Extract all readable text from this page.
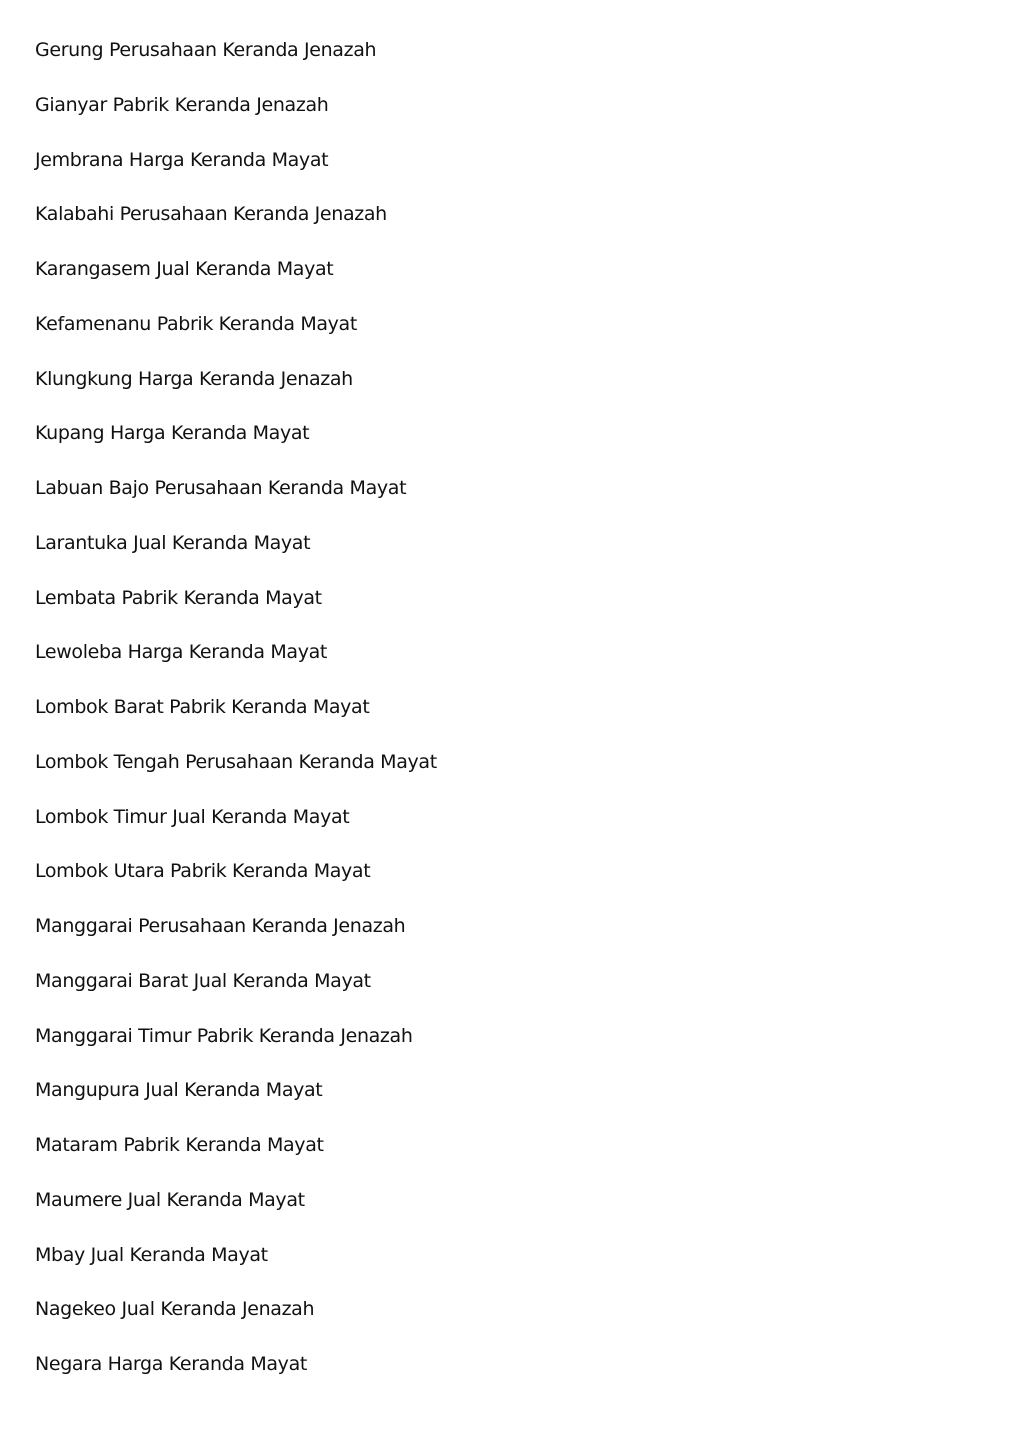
Gerung Perusahaan Keranda Jenazah
Gianyar Pabrik Keranda Jenazah
Jembrana Harga Keranda Mayat
Kalabahi Perusahaan Keranda Jenazah
Karangasem Jual Keranda Mayat
Kefamenanu Pabrik Keranda Mayat
Klungkung Harga Keranda Jenazah
Kupang Harga Keranda Mayat
Labuan Bajo Perusahaan Keranda Mayat
Larantuka Jual Keranda Mayat
Lembata Pabrik Keranda Mayat
Lewoleba Harga Keranda Mayat
Lombok Barat Pabrik Keranda Mayat
Lombok Tengah Perusahaan Keranda Mayat
Lombok Timur Jual Keranda Mayat
Lombok Utara Pabrik Keranda Mayat
Manggarai Perusahaan Keranda Jenazah
Manggarai Barat Jual Keranda Mayat
Manggarai Timur Pabrik Keranda Jenazah
Mangupura Jual Keranda Mayat
Mataram Pabrik Keranda Mayat
Maumere Jual Keranda Mayat
Mbay Jual Keranda Mayat
Nagekeo Jual Keranda Jenazah
Negara Harga Keranda Mayat
